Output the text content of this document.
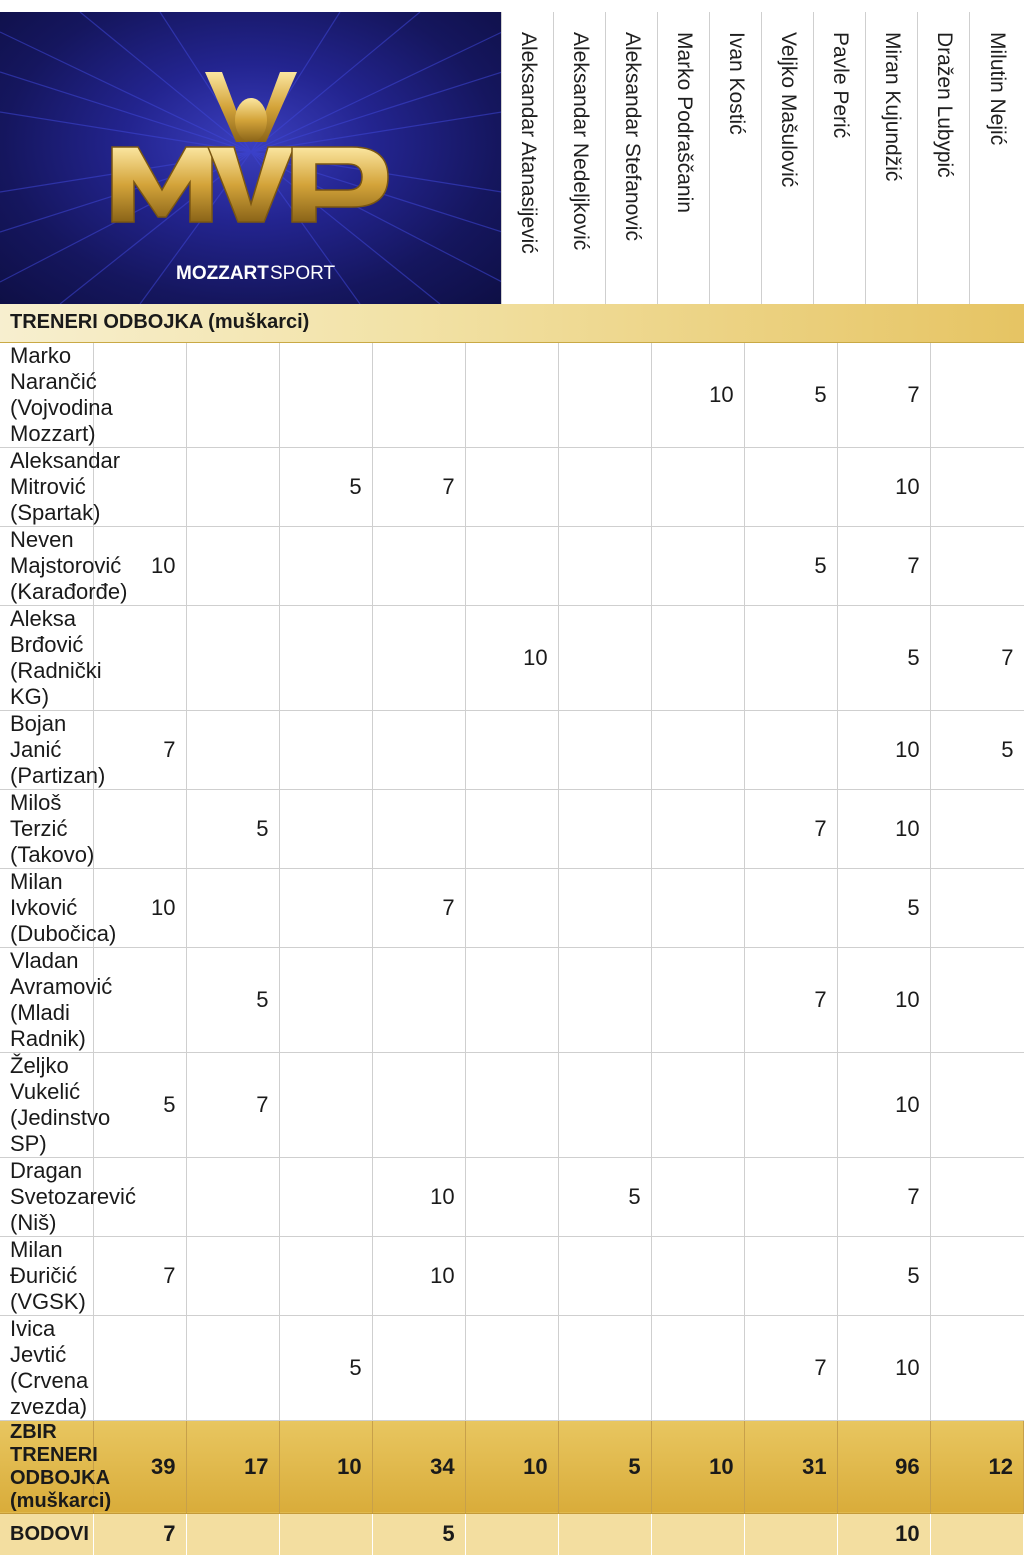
MOZZART SPORT
Aleksandar Atanasijević Aleksandar Nedeljković Aleksandar Stefanović Marko Podraščanin Ivan Kostić Veljko Mašulović Pavle Perić Miran Kujundžić Dražen Lubурić Milutin Nejić
TRENERI ODBOJKA (muškarci)										
Marko Narančić (Vojvodina Mozzart)							10	5	7	
Aleksandar Mitrović (Spartak)			5	7					10	
Neven Majstorović (Karađorđe)	10							5	7	
Aleksa Brđović (Radnički KG)					10				5	7
Bojan Janić (Partizan)	7								10	5
Miloš Terzić (Takovo)		5						7	10	
Milan Ivković (Dubočica)	10			7					5	
Vladan Avramović (Mladi Radnik)		5						7	10	
Željko Vukelić (Jedinstvo SP)	5	7							10	
Dragan Svetozarević (Niš)				10		5			7	
Milan Đuričić (VGSK)	7			10					5	
Ivica Jevtić (Crvena zvezda)			5					7	10	
ZBIR TRENERI ODBOJKA (muškarci)	39	17	10	34	10	5	10	31	96	12
BODOVI	7			5					10	
